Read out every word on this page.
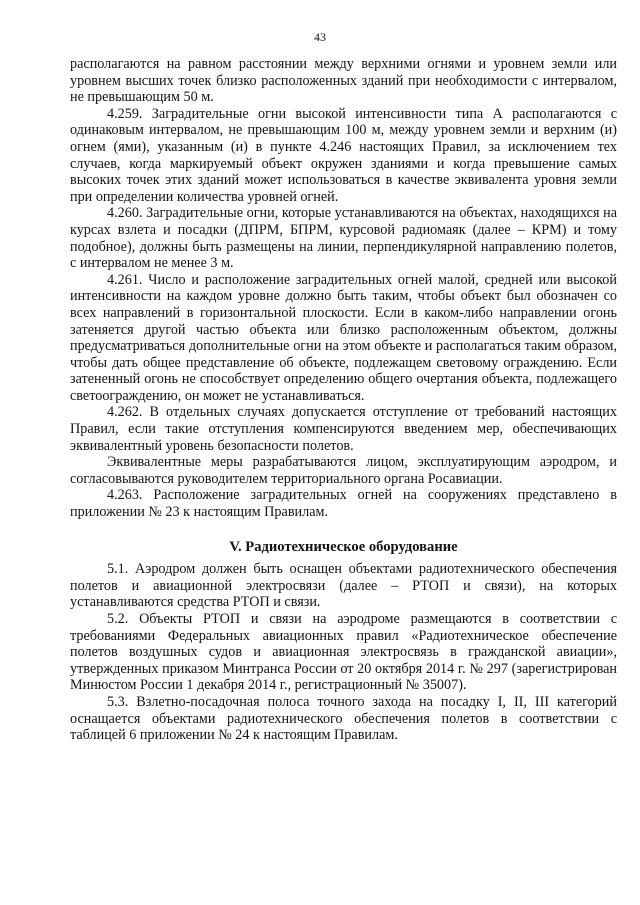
43

располагаются на равном расстоянии между верхними огнями и уровнем земли или уровнем высших точек близко расположенных зданий при необходимости с интервалом, не превышающим 50 м.

4.259. Заградительные огни высокой интенсивности типа А располагаются с одинаковым интервалом, не превышающим 100 м, между уровнем земли и верхним (и) огнем (ями), указанным (и) в пункте 4.246 настоящих Правил, за исключением тех случаев, когда маркируемый объект окружен зданиями и когда превышение самых высоких точек этих зданий может использоваться в качестве эквивалента уровня земли при определении количества уровней огней.

4.260. Заградительные огни, которые устанавливаются на объектах, находящихся на курсах взлета и посадки (ДПРМ, БПРМ, курсовой радиомаяк (далее – КРМ) и тому подобное), должны быть размещены на линии, перпендикулярной направлению полетов, с интервалом не менее 3 м.

4.261. Число и расположение заградительных огней малой, средней или высокой интенсивности на каждом уровне должно быть таким, чтобы объект был обозначен со всех направлений в горизонтальной плоскости. Если в каком-либо направлении огонь затеняется другой частью объекта или близко расположенным объектом, должны предусматриваться дополнительные огни на этом объекте и располагаться таким образом, чтобы дать общее представление об объекте, подлежащем световому ограждению. Если затененный огонь не способствует определению общего очертания объекта, подлежащего светоограждению, он может не устанавливаться.

4.262. В отдельных случаях допускается отступление от требований настоящих Правил, если такие отступления компенсируются введением мер, обеспечивающих эквивалентный уровень безопасности полетов.

Эквивалентные меры разрабатываются лицом, эксплуатирующим аэродром, и согласовываются руководителем территориального органа Росавиации.

4.263. Расположение заградительных огней на сооружениях представлено в приложении № 23 к настоящим Правилам.

V. Радиотехническое оборудование

5.1. Аэродром должен быть оснащен объектами радиотехнического обеспечения полетов и авиационной электросвязи (далее – РТОП и связи), на которых устанавливаются средства РТОП и связи.

5.2. Объекты РТОП и связи на аэродроме размещаются в соответствии с требованиями Федеральных авиационных правил «Радиотехническое обеспечение полетов воздушных судов и авиационная электросвязь в гражданской авиации», утвержденных приказом Минтранса России от 20 октября 2014 г. № 297 (зарегистрирован Минюстом России 1 декабря 2014 г., регистрационный № 35007).

5.3. Взлетно-посадочная полоса точного захода на посадку I, II, III категорий оснащается объектами радиотехнического обеспечения полетов в соответствии с таблицей 6 приложении № 24 к настоящим Правилам.
